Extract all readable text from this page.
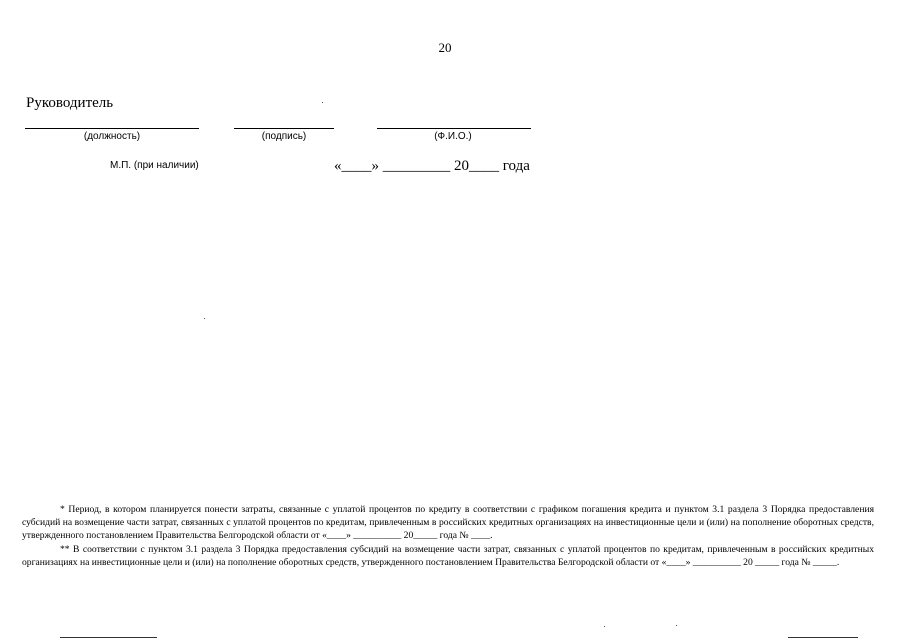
20
Руководитель
(должность)	(подпись)	(Ф.И.О.)
М.П. (при наличии)	«____» _________ 20____ года

* Период, в котором планируется понести затраты, связанные с уплатой процентов по кредиту в соответствии с графиком погашения кредита и пунктом 3.1 раздела 3 Порядка предоставления субсидий на возмещение части затрат, связанных с уплатой процентов по кредитам, привлеченным в российских кредитных организациях на инвестиционные цели и (или) на пополнение оборотных средств, утвержденного постановлением Правительства Белгородской области от «____» __________ 20_____ года № ____.

** В соответствии с пунктом 3.1 раздела 3 Порядка предоставления субсидий на возмещение части затрат, связанных с уплатой процентов по кредитам, привлеченным в российских кредитных организациях на инвестиционные цели и (или) на пополнение оборотных средств, утвержденного постановлением Правительства Белгородской области от «____» __________ 20 _____ года № _____.
